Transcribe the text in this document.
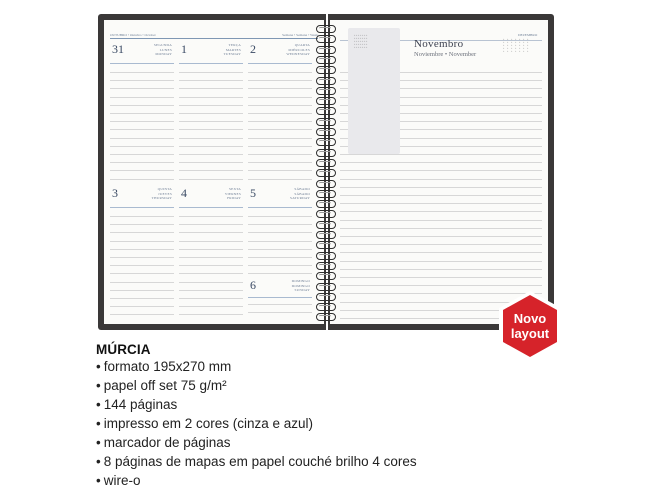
OUTUBRO • Outubro • October	Semana • Semana • Week
31	SEGUNDA
LUNES
MONDAY 1	TERÇA
MARTES
TUESDAY 2	QUARTA
MIÉRCOLES
WEDNESDAY
3	QUINTA
JUEVES
THURSDAY 4	SEXTA
VIERNES
FRIDAY 5	SÁBADO
SÁBADO
SATURDAY
6	DOMINGO
DOMINGO
SUNDAY
▪▪▪▪▪▪▪
▪▪▪▪▪▪▪
▪▪▪▪▪▪▪
▪▪▪▪▪▪▪
▪▪▪▪▪▪▪	Novembro
Noviembre • November
DEZEMBRO
▪ ▪ ▪ ▪ ▪ ▪ ▪
▪ ▪ ▪ ▪ ▪ ▪ ▪
▪ ▪ ▪ ▪ ▪ ▪ ▪
▪ ▪ ▪ ▪ ▪ ▪ ▪
▪ ▪ ▪ ▪ ▪ ▪ ▪
Novo
layout
MÚRCIA
• formato 195x270 mm
• papel off set 75 g/m²
• 144 páginas
• impresso em 2 cores (cinza e azul)
• marcador de páginas
• 8 páginas de mapas em papel couché brilho 4 cores
• wire-o
